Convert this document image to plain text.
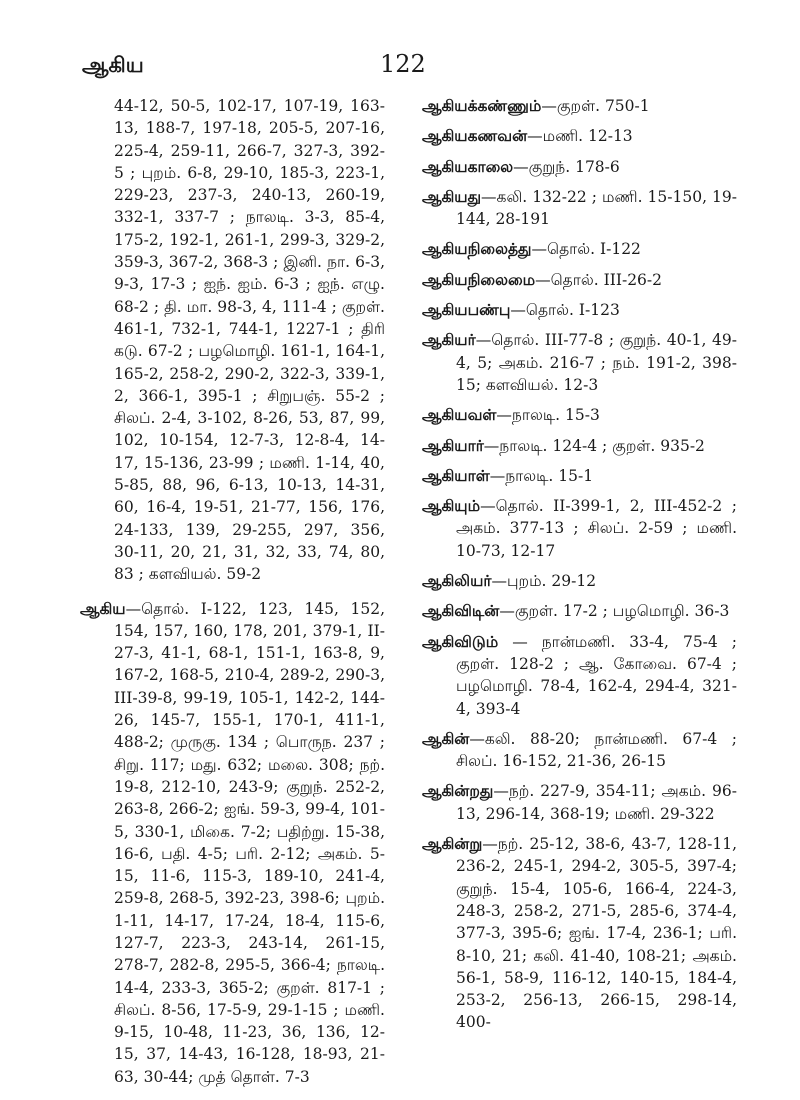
ஆகிய	122

44-12, 50-5, 102-17, 107-19, 163-13, 188-7, 197-18, 205-5, 207-16, 225-4, 259-11, 266-7, 327-3, 392-5 ; புறம். 6-8, 29-10, 185-3, 223-1, 229-23, 237-3, 240-13, 260-19, 332-1, 337-7 ; நாலடி. 3-3, 85-4, 175-2, 192-1, 261-1, 299-3, 329-2, 359-3, 367-2, 368-3 ; இனி. நா. 6-3, 9-3, 17-3 ; ஐந். ஐம். 6-3 ; ஐந். எழு. 68-2 ; தி. மா. 98-3, 4, 111-4 ; குறள். 461-1, 732-1, 744-1, 1227-1 ; திரி கடு. 67-2 ; பழமொழி. 161-1, 164-1, 165-2, 258-2, 290-2, 322-3, 339-1, 2, 366-1, 395-1 ; சிறுபஞ். 55-2 ; சிலப். 2-4, 3-102, 8-26, 53, 87, 99, 102, 10-154, 12-7-3, 12-8-4, 14-17, 15-136, 23-99 ; மணி. 1-14, 40, 5-85, 88, 96, 6-13, 10-13, 14-31, 60, 16-4, 19-51, 21-77, 156, 176, 24-133, 139, 29-255, 297, 356, 30-11, 20, 21, 31, 32, 33, 74, 80, 83 ; களவியல். 59-2

ஆகிய—தொல். I-122, 123, 145, 152, 154, 157, 160, 178, 201, 379-1, II-27-3, 41-1, 68-1, 151-1, 163-8, 9, 167-2, 168-5, 210-4, 289-2, 290-3, III-39-8, 99-19, 105-1, 142-2, 144-26, 145-7, 155-1, 170-1, 411-1, 488-2; முருகு. 134 ; பொருந. 237 ; சிறு. 117; மது. 632; மலை. 308; நற். 19-8, 212-10, 243-9; குறுந். 252-2, 263-8, 266-2; ஐங். 59-3, 99-4, 101-5, 330-1, மிகை. 7-2; பதிற்று. 15-38, 16-6, பதி. 4-5; பரி. 2-12; அகம். 5-15, 11-6, 115-3, 189-10, 241-4, 259-8, 268-5, 392-23, 398-6; புறம். 1-11, 14-17, 17-24, 18-4, 115-6, 127-7, 223-3, 243-14, 261-15, 278-7, 282-8, 295-5, 366-4; நாலடி. 14-4, 233-3, 365-2; குறள். 817-1 ; சிலப். 8-56, 17-5-9, 29-1-15 ; மணி. 9-15, 10-48, 11-23, 36, 136, 12-15, 37, 14-43, 16-128, 18-93, 21-63, 30-44; முத் தொள். 7-3

ஆகியக்கண்ணும்—குறள். 750-1

ஆகியகணவன்—மணி. 12-13

ஆகியகாலை—குறுந். 178-6

ஆகியது—கலி. 132-22 ; மணி. 15-150, 19-144, 28-191

ஆகியநிலைத்து—தொல். I-122

ஆகியநிலைமை—தொல். III-26-2

ஆகியபண்பு—தொல். I-123

ஆகியர்—தொல். III-77-8 ; குறுந். 40-1, 49-4, 5; அகம். 216-7 ; நம். 191-2, 398-15; களவியல். 12-3

ஆகியவள்—நாலடி. 15-3

ஆகியார்—நாலடி. 124-4 ; குறள். 935-2

ஆகியாள்—நாலடி. 15-1

ஆகியும்—தொல். II-399-1, 2, III-452-2 ; அகம். 377-13 ; சிலப். 2-59 ; மணி. 10-73, 12-17

ஆகிலியர்—புறம். 29-12

ஆகிவிடின்—குறள். 17-2 ; பழமொழி. 36-3

ஆகிவிடும் — நான்மணி. 33-4, 75-4 ; குறள். 128-2 ; ஆ. கோவை. 67-4 ; பழமொழி. 78-4, 162-4, 294-4, 321-4, 393-4

ஆகின்—கலி. 88-20; நான்மணி. 67-4 ; சிலப். 16-152, 21-36, 26-15

ஆகின்றது—நற். 227-9, 354-11; அகம். 96-13, 296-14, 368-19; மணி. 29-322

ஆகின்று—நற். 25-12, 38-6, 43-7, 128-11, 236-2, 245-1, 294-2, 305-5, 397-4; குறுந். 15-4, 105-6, 166-4, 224-3, 248-3, 258-2, 271-5, 285-6, 374-4, 377-3, 395-6; ஐங். 17-4, 236-1; பரி. 8-10, 21; கலி. 41-40, 108-21; அகம். 56-1, 58-9, 116-12, 140-15, 184-4, 253-2, 256-13, 266-15, 298-14, 400-
